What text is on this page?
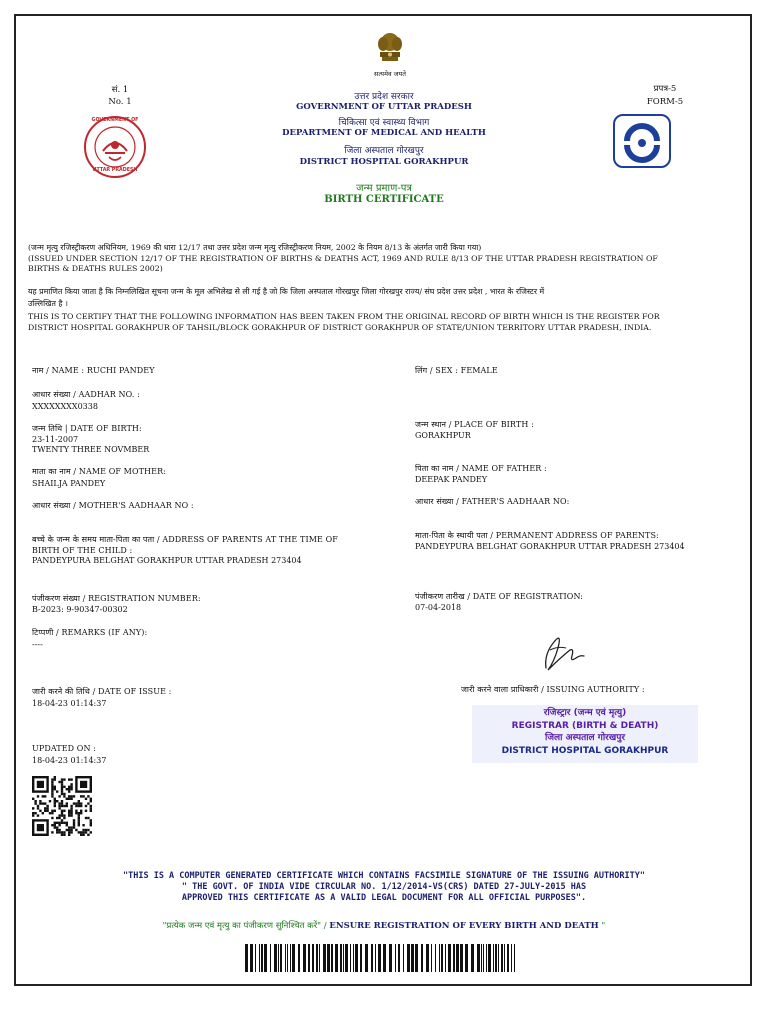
सत्यमेव जयते
सं. 1
No. 1
प्रपत्र-5
FORM-5
GOVERNMENT OF
UTTAR PRADESH
उत्तर प्रदेश सरकार
GOVERNMENT OF UTTAR PRADESH
चिकित्सा एवं स्वास्थ्य विभाग
DEPARTMENT OF MEDICAL AND HEALTH
जिला अस्पताल गोरखपुर
DISTRICT HOSPITAL GORAKHPUR
जन्म प्रमाण-पत्र
BIRTH CERTIFICATE
(जन्म मृत्यु रजिस्ट्रीकरण अधिनियम, 1969 की धारा 12/17 तथा उत्तर प्रदेश जन्म मृत्यु रजिस्ट्रीकरण नियम, 2002 के नियम 8/13 के अंतर्गत जारी किया गया)
(ISSUED UNDER SECTION 12/17 OF THE REGISTRATION OF BIRTHS & DEATHS ACT, 1969 AND RULE 8/13 OF THE UTTAR PRADESH REGISTRATION OF
BIRTHS & DEATHS RULES 2002)
यह प्रमाणित किया जाता है कि निम्नलिखित सूचना जन्म के मूल अभिलेख से ली गई है जो कि जिला अस्पताल गोरखपुर जिला गोरखपुर राज्य/ संघ प्रदेश उत्तर प्रदेश , भारत के रजिस्टर में
उल्लिखित है ।
THIS IS TO CERTIFY THAT THE FOLLOWING INFORMATION HAS BEEN TAKEN FROM THE ORIGINAL RECORD OF BIRTH WHICH IS THE REGISTER FOR
DISTRICT HOSPITAL GORAKHPUR OF TAHSIL/BLOCK GORAKHPUR OF DISTRICT GORAKHPUR OF STATE/UNION TERRITORY UTTAR PRADESH, INDIA.
नाम / NAME : RUCHI PANDEY
आधार संख्या / AADHAR NO. :
XXXXXXXX0338
जन्म तिथि | DATE OF BIRTH:
23-11-2007
TWENTY THREE NOVMBER
माता का नाम / NAME OF MOTHER:
SHAILJA PANDEY
आधार संख्या / MOTHER'S AADHAAR NO :
बच्चे के जन्म के समय माता-पिता का पता / ADDRESS OF PARENTS AT THE TIME OF
BIRTH OF THE CHILD :
PANDEYPURA BELGHAT GORAKHPUR UTTAR PRADESH 273404
पंजीकरण संख्या / REGISTRATION NUMBER:
B-2023: 9-90347-00302
टिप्पणी / REMARKS (IF ANY):
----
जारी करने की तिथि / DATE OF ISSUE :
18-04-23 01:14:37
UPDATED ON :
18-04-23 01:14:37
लिंग / SEX : FEMALE
जन्म स्थान / PLACE OF BIRTH :
GORAKHPUR
पिता का नाम / NAME OF FATHER :
DEEPAK PANDEY
आधार संख्या / FATHER'S AADHAAR NO:
माता-पिता के स्थायी पता / PERMANENT ADDRESS OF PARENTS:
PANDEYPURA BELGHAT GORAKHPUR UTTAR PRADESH 273404
पंजीकरण तारीख / DATE OF REGISTRATION:
07-04-2018
जारी करने वाला प्राधिकारी / ISSUING AUTHORITY :
रजिस्ट्रार (जन्म एवं मृत्यु)
REGISTRAR (BIRTH & DEATH)
जिला अस्पताल गोरखपुर
DISTRICT HOSPITAL GORAKHPUR
"THIS IS A COMPUTER GENERATED CERTIFICATE WHICH CONTAINS FACSIMILE SIGNATURE OF THE ISSUING AUTHORITY"
" THE GOVT. OF INDIA VIDE CIRCULAR NO. 1/12/2014-VS(CRS) DATED 27-JULY-2015 HAS
APPROVED THIS CERTIFICATE AS A VALID LEGAL DOCUMENT FOR ALL OFFICIAL PURPOSES".
"प्रत्येक जन्म एवं मृत्यु का पंजीकरण सुनिश्चित करें" / ENSURE REGISTRATION OF EVERY BIRTH AND DEATH "
